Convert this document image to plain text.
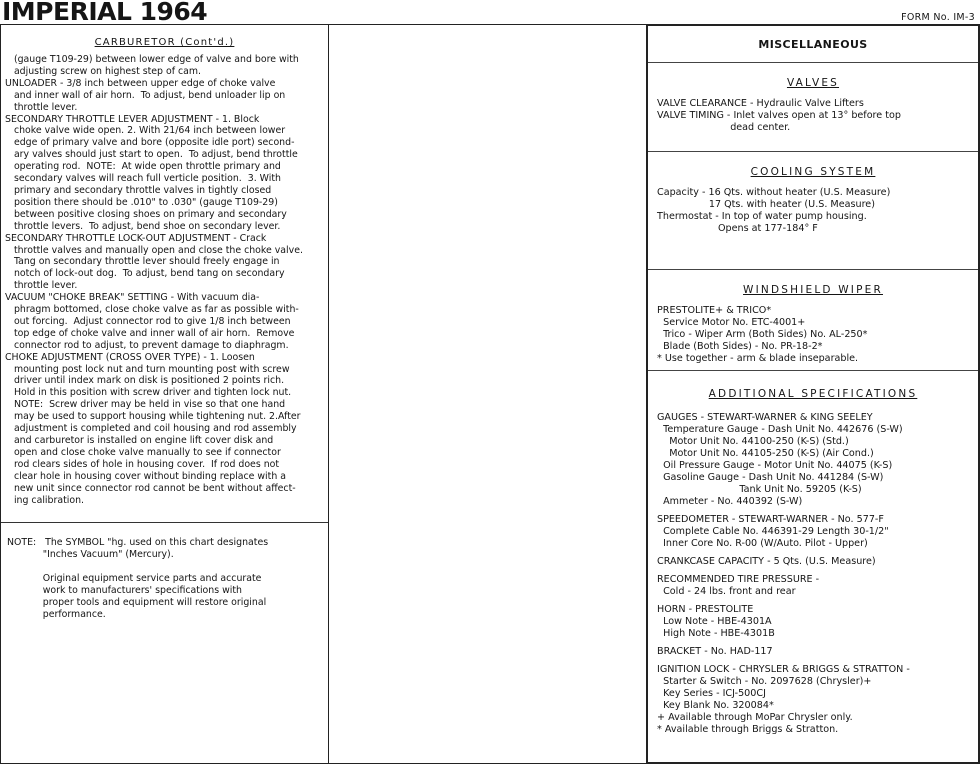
IMPERIAL 1964	FORM No. IM-3
CARBURETOR (Cont'd.)
(gauge T109-29) between lower edge of valve and bore with
adjusting screw on highest step of cam.
UNLOADER - 3/8 inch between upper edge of choke valve
and inner wall of air horn.  To adjust, bend unloader lip on
throttle lever.
SECONDARY THROTTLE LEVER ADJUSTMENT - 1. Block
choke valve wide open. 2. With 21/64 inch between lower
edge of primary valve and bore (opposite idle port) second-
ary valves should just start to open.  To adjust, bend throttle
operating rod.  NOTE:  At wide open throttle primary and
secondary valves will reach full verticle position.  3. With
primary and secondary throttle valves in tightly closed
position there should be .010" to .030" (gauge T109-29)
between positive closing shoes on primary and secondary
throttle levers.  To adjust, bend shoe on secondary lever.
SECONDARY THROTTLE LOCK-OUT ADJUSTMENT - Crack
throttle valves and manually open and close the choke valve.
Tang on secondary throttle lever should freely engage in
notch of lock-out dog.  To adjust, bend tang on secondary
throttle lever.
VACUUM "CHOKE BREAK" SETTING - With vacuum dia-
phragm bottomed, close choke valve as far as possible with-
out forcing.  Adjust connector rod to give 1/8 inch between
top edge of choke valve and inner wall of air horn.  Remove
connector rod to adjust, to prevent damage to diaphragm.
CHOKE ADJUSTMENT (CROSS OVER TYPE) - 1. Loosen
mounting post lock nut and turn mounting post with screw
driver until index mark on disk is positioned 2 points rich.
Hold in this position with screw driver and tighten lock nut.
NOTE:  Screw driver may be held in vise so that one hand
may be used to support housing while tightening nut. 2.After
adjustment is completed and coil housing and rod assembly
and carburetor is installed on engine lift cover disk and
open and close choke valve manually to see if connector
rod clears sides of hole in housing cover.  If rod does not
clear hole in housing cover without binding replace with a
new unit since connector rod cannot be bent without affect-
ing calibration.
NOTE:   The SYMBOL "hg. used on this chart designates
"Inches Vacuum" (Mercury).

Original equipment service parts and accurate
work to manufacturers' specifications with
proper tools and equipment will restore original
performance.
MISCELLANEOUS
VALVES
VALVE CLEARANCE - Hydraulic Valve Lifters
VALVE TIMING - Inlet valves open at 13° before top
dead center.
COOLING SYSTEM
Capacity - 16 Qts. without heater (U.S. Measure)
17 Qts. with heater (U.S. Measure)
Thermostat - In top of water pump housing.
Opens at 177-184° F
WINDSHIELD WIPER
PRESTOLITE+ & TRICO*
Service Motor No. ETC-4001+
Trico - Wiper Arm (Both Sides) No. AL-250*
Blade (Both Sides) - No. PR-18-2*
* Use together - arm & blade inseparable.
ADDITIONAL SPECIFICATIONS
GAUGES - STEWART-WARNER & KING SEELEY
Temperature Gauge - Dash Unit No. 442676 (S-W)
Motor Unit No. 44100-250 (K-S) (Std.)
Motor Unit No. 44105-250 (K-S) (Air Cond.)
Oil Pressure Gauge - Motor Unit No. 44075 (K-S)
Gasoline Gauge - Dash Unit No. 441284 (S-W)
Tank Unit No. 59205 (K-S)
Ammeter - No. 440392 (S-W)
SPEEDOMETER - STEWART-WARNER - No. 577-F
Complete Cable No. 446391-29 Length 30-1/2"
Inner Core No. R-00 (W/Auto. Pilot - Upper)
CRANKCASE CAPACITY - 5 Qts. (U.S. Measure)
RECOMMENDED TIRE PRESSURE -
Cold - 24 lbs. front and rear
HORN - PRESTOLITE
Low Note - HBE-4301A
High Note - HBE-4301B
BRACKET - No. HAD-117
IGNITION LOCK - CHRYSLER & BRIGGS & STRATTON -
Starter & Switch - No. 2097628 (Chrysler)+
Key Series - ICJ-500CJ
Key Blank No. 320084*
+ Available through MoPar Chrysler only.
* Available through Briggs & Stratton.
